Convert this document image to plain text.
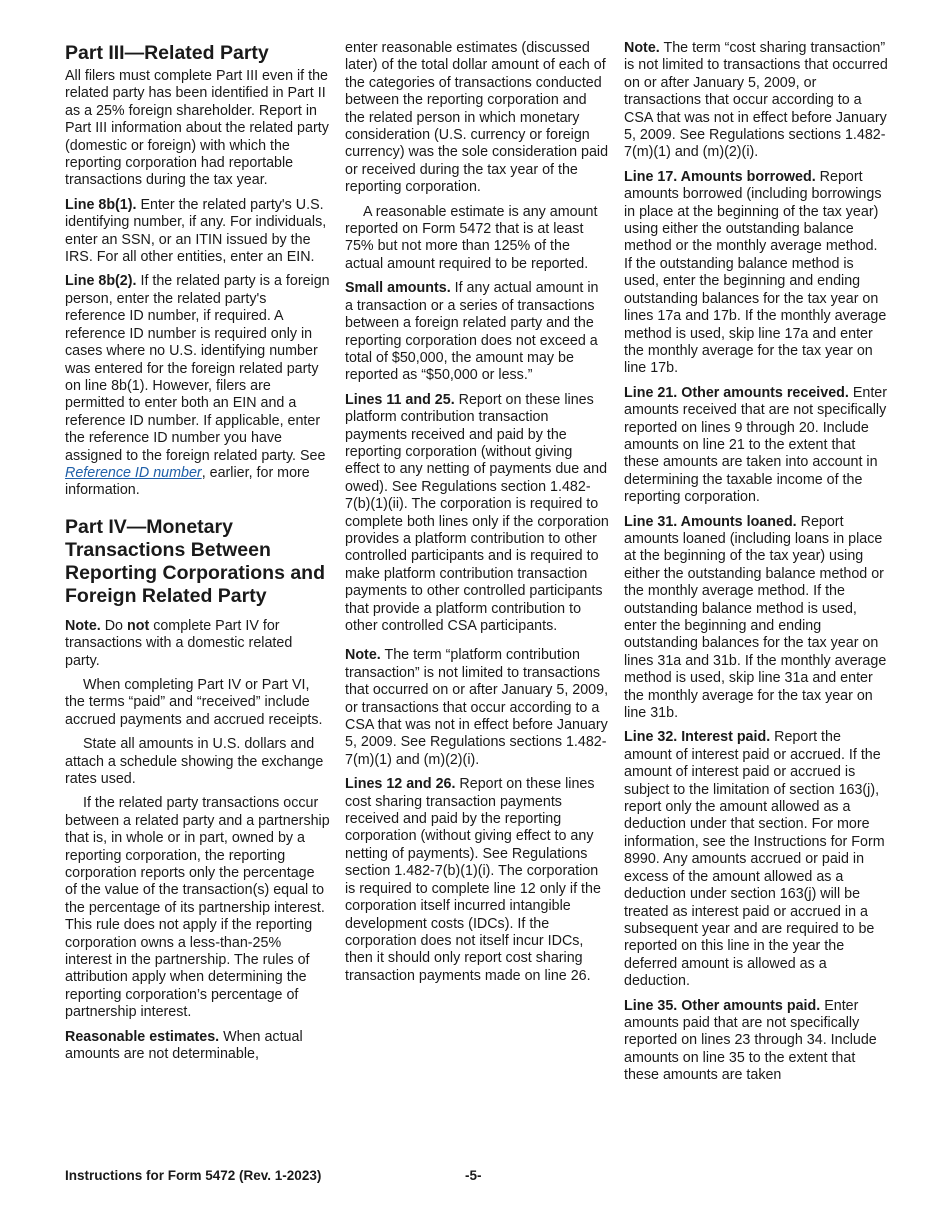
Part III—Related Party

All filers must complete Part III even if the related party has been identified in Part II as a 25% foreign shareholder. Report in Part III information about the related party (domestic or foreign) with which the reporting corporation had reportable transactions during the tax year.

Line 8b(1). Enter the related party's U.S. identifying number, if any. For individuals, enter an SSN, or an ITIN issued by the IRS. For all other entities, enter an EIN.

Line 8b(2). If the related party is a foreign person, enter the related party's reference ID number, if required. A reference ID number is required only in cases where no U.S. identifying number was entered for the foreign related party on line 8b(1). However, filers are permitted to enter both an EIN and a reference ID number. If applicable, enter the reference ID number you have assigned to the foreign related party. See Reference ID number, earlier, for more information.

Part IV—Monetary Transactions Between Reporting Corporations and Foreign Related Party

Note. Do not complete Part IV for transactions with a domestic related party.

When completing Part IV or Part VI, the terms “paid” and “received” include accrued payments and accrued receipts.

State all amounts in U.S. dollars and attach a schedule showing the exchange rates used.

If the related party transactions occur between a related party and a partnership that is, in whole or in part, owned by a reporting corporation, the reporting corporation reports only the percentage of the value of the transaction(s) equal to the percentage of its partnership interest. This rule does not apply if the reporting corporation owns a less-than-25% interest in the partnership. The rules of attribution apply when determining the reporting corporation’s percentage of partnership interest.

Reasonable estimates. When actual amounts are not determinable,

enter reasonable estimates (discussed later) of the total dollar amount of each of the categories of transactions conducted between the reporting corporation and the related person in which monetary consideration (U.S. currency or foreign currency) was the sole consideration paid or received during the tax year of the reporting corporation.

A reasonable estimate is any amount reported on Form 5472 that is at least 75% but not more than 125% of the actual amount required to be reported.

Small amounts. If any actual amount in a transaction or a series of transactions between a foreign related party and the reporting corporation does not exceed a total of $50,000, the amount may be reported as “$50,000 or less.”

Lines 11 and 25. Report on these lines platform contribution transaction payments received and paid by the reporting corporation (without giving effect to any netting of payments due and owed). See Regulations section 1.482-7(b)(1)(ii). The corporation is required to complete both lines only if the corporation provides a platform contribution to other controlled participants and is required to make platform contribution transaction payments to other controlled participants that provide a platform contribution to other controlled CSA participants.

Note. The term “platform contribution transaction” is not limited to transactions that occurred on or after January 5, 2009, or transactions that occur according to a CSA that was not in effect before January 5, 2009. See Regulations sections 1.482-7(m)(1) and (m)(2)(i).

Lines 12 and 26. Report on these lines cost sharing transaction payments received and paid by the reporting corporation (without giving effect to any netting of payments). See Regulations section 1.482-7(b)(1)(i). The corporation is required to complete line 12 only if the corporation itself incurred intangible development costs (IDCs). If the corporation does not itself incur IDCs, then it should only report cost sharing transaction payments made on line 26.

Note. The term “cost sharing transaction” is not limited to transactions that occurred on or after January 5, 2009, or transactions that occur according to a CSA that was not in effect before January 5, 2009. See Regulations sections 1.482-7(m)(1) and (m)(2)(i).

Line 17. Amounts borrowed. Report amounts borrowed (including borrowings in place at the beginning of the tax year) using either the outstanding balance method or the monthly average method. If the outstanding balance method is used, enter the beginning and ending outstanding balances for the tax year on lines 17a and 17b. If the monthly average method is used, skip line 17a and enter the monthly average for the tax year on line 17b.

Line 21. Other amounts received. Enter amounts received that are not specifically reported on lines 9 through 20. Include amounts on line 21 to the extent that these amounts are taken into account in determining the taxable income of the reporting corporation.

Line 31. Amounts loaned. Report amounts loaned (including loans in place at the beginning of the tax year) using either the outstanding balance method or the monthly average method. If the outstanding balance method is used, enter the beginning and ending outstanding balances for the tax year on lines 31a and 31b. If the monthly average method is used, skip line 31a and enter the monthly average for the tax year on line 31b.

Line 32. Interest paid. Report the amount of interest paid or accrued. If the amount of interest paid or accrued is subject to the limitation of section 163(j), report only the amount allowed as a deduction under that section. For more information, see the Instructions for Form 8990. Any amounts accrued or paid in excess of the amount allowed as a deduction under section 163(j) will be treated as interest paid or accrued in a subsequent year and are required to be reported on this line in the year the deferred amount is allowed as a deduction.

Line 35. Other amounts paid. Enter amounts paid that are not specifically reported on lines 23 through 34. Include amounts on line 35 to the extent that these amounts are taken

Instructions for Form 5472 (Rev. 1-2023)	-5-
